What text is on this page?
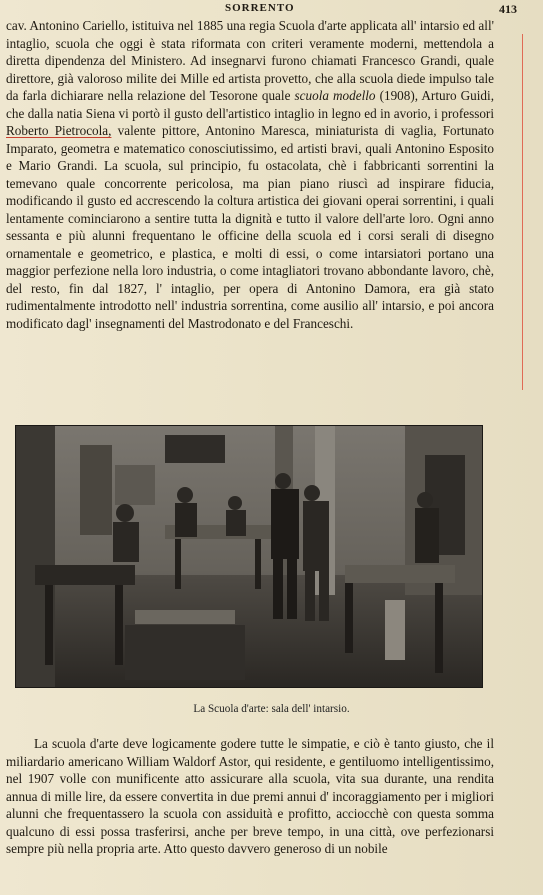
SORRENTO	413

cav. Antonino Cariello, istituiva nel 1885 una regia Scuola d'arte applicata all' intarsio ed all' intaglio, scuola che oggi è stata riformata con criteri veramente moderni, mettendola a diretta dipendenza del Ministero. Ad insegnarvi furono chiamati Francesco Grandi, quale direttore, già valoroso milite dei Mille ed artista provetto, che alla scuola diede impulso tale da farla dichiarare nella relazione del Tesorone quale scuola modello (1908), Arturo Guidi, che dalla natia Siena vi portò il gusto dell'artistico intaglio in legno ed in avorio, i professori Roberto Pietrocola, valente pittore, Antonino Maresca, miniaturista di vaglia, Fortunato Imparato, geometra e matematico conosciutissimo, ed artisti bravi, quali Antonino Esposito e Mario Grandi. La scuola, sul principio, fu ostacolata, chè i fabbricanti sorrentini la temevano quale concorrente pericolosa, ma pian piano riuscì ad inspirare fiducia, modificando il gusto ed accrescendo la coltura artistica dei giovani operai sorrentini, i quali lentamente cominciarono a sentire tutta la dignità e tutto il valore dell'arte loro. Ogni anno sessanta e più alunni frequentano le officine della scuola ed i corsi serali di disegno ornamentale e geometrico, e plastica, e molti di essi, o come intarsiatori portano una maggior perfezione nella loro industria, o come intagliatori trovano abbondante lavoro, chè, del resto, fin dal 1827, l' intaglio, per opera di Antonino Damora, era già stato rudimentalmente introdotto nell' industria sorrentina, come ausilio all' intarsio, e poi ancora modificato dagl' insegnamenti del Mastrodonato e del Franceschi.

La Scuola d'arte: sala dell' intarsio.

La scuola d'arte deve logicamente godere tutte le simpatie, e ciò è tanto giusto, che il miliardario americano William Waldorf Astor, qui residente, e gentiluomo intelligentissimo, nel 1907 volle con munificente atto assicurare alla scuola, vita sua durante, una rendita annua di mille lire, da essere convertita in due premi annui d' incoraggiamento per i migliori alunni che frequentassero la scuola con assiduità e profitto, acciocchè con questa somma qualcuno di essi possa trasferirsi, anche per breve tempo, in una città, ove perfezionarsi sempre più nella propria arte. Atto questo davvero generoso di un nobile
